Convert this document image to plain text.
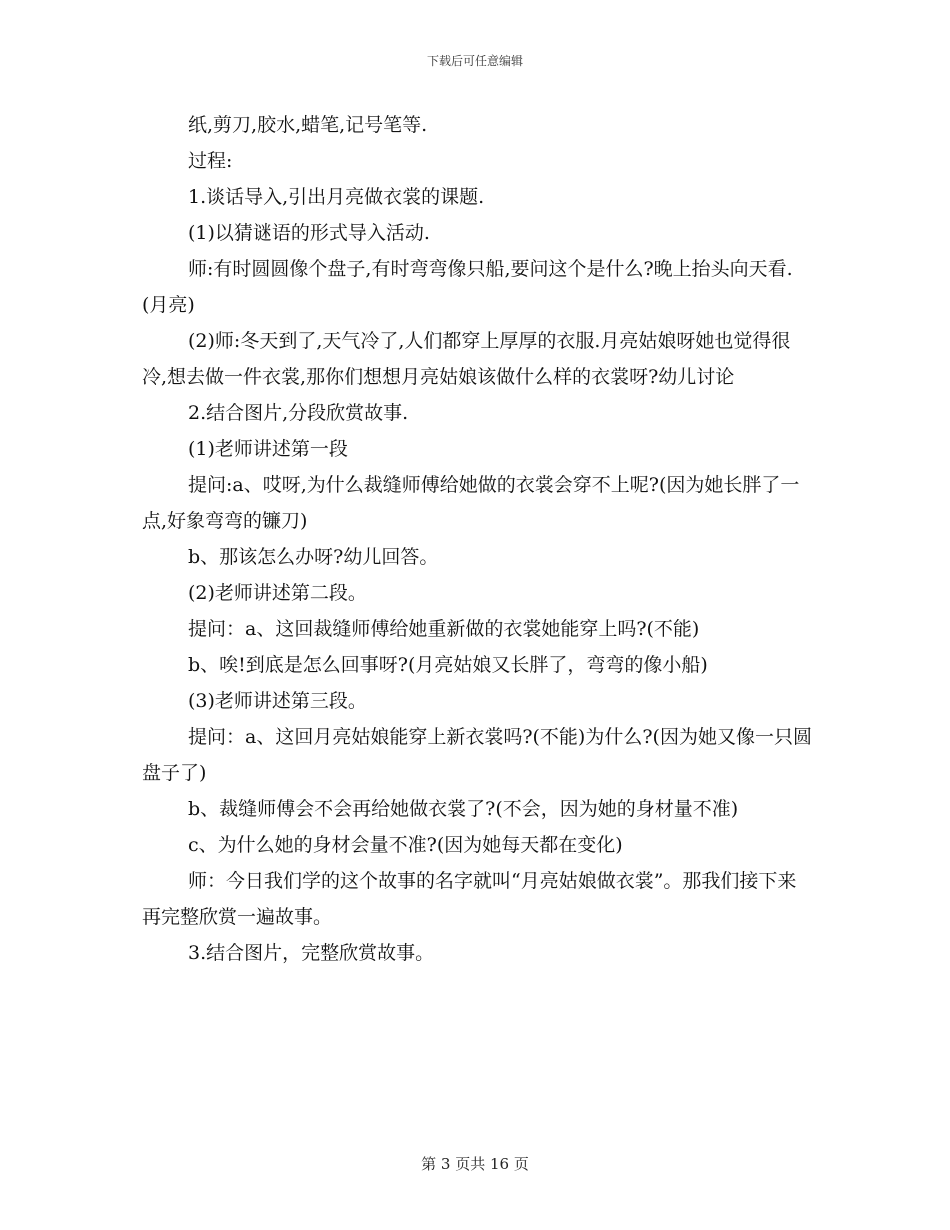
下载后可任意编辑

纸,剪刀,胶水,蜡笔,记号笔等.

过程:

1.谈话导入,引出月亮做衣裳的课题.

(1)以猜谜语的形式导入活动.

师:有时圆圆像个盘子,有时弯弯像只船,要问这个是什么?晚上抬头向天看.(月亮)

(2)师:冬天到了,天气冷了,人们都穿上厚厚的衣服.月亮姑娘呀她也觉得很冷,想去做一件衣裳,那你们想想月亮姑娘该做什么样的衣裳呀?幼儿讨论

2.结合图片,分段欣赏故事.

(1)老师讲述第一段

提问:a、哎呀,为什么裁缝师傅给她做的衣裳会穿不上呢?(因为她长胖了一点,好象弯弯的镰刀)

b、那该怎么办呀?幼儿回答。

(2)老师讲述第二段。

提问：a、这回裁缝师傅给她重新做的衣裳她能穿上吗?(不能)

b、唉!到底是怎么回事呀?(月亮姑娘又长胖了，弯弯的像小船)

(3)老师讲述第三段。

提问：a、这回月亮姑娘能穿上新衣裳吗?(不能)为什么?(因为她又像一只圆盘子了)

b、裁缝师傅会不会再给她做衣裳了?(不会，因为她的身材量不准)

c、为什么她的身材会量不准?(因为她每天都在变化)

师：今日我们学的这个故事的名字就叫“月亮姑娘做衣裳”。那我们接下来再完整欣赏一遍故事。

3.结合图片，完整欣赏故事。

第 3 页共 16 页
